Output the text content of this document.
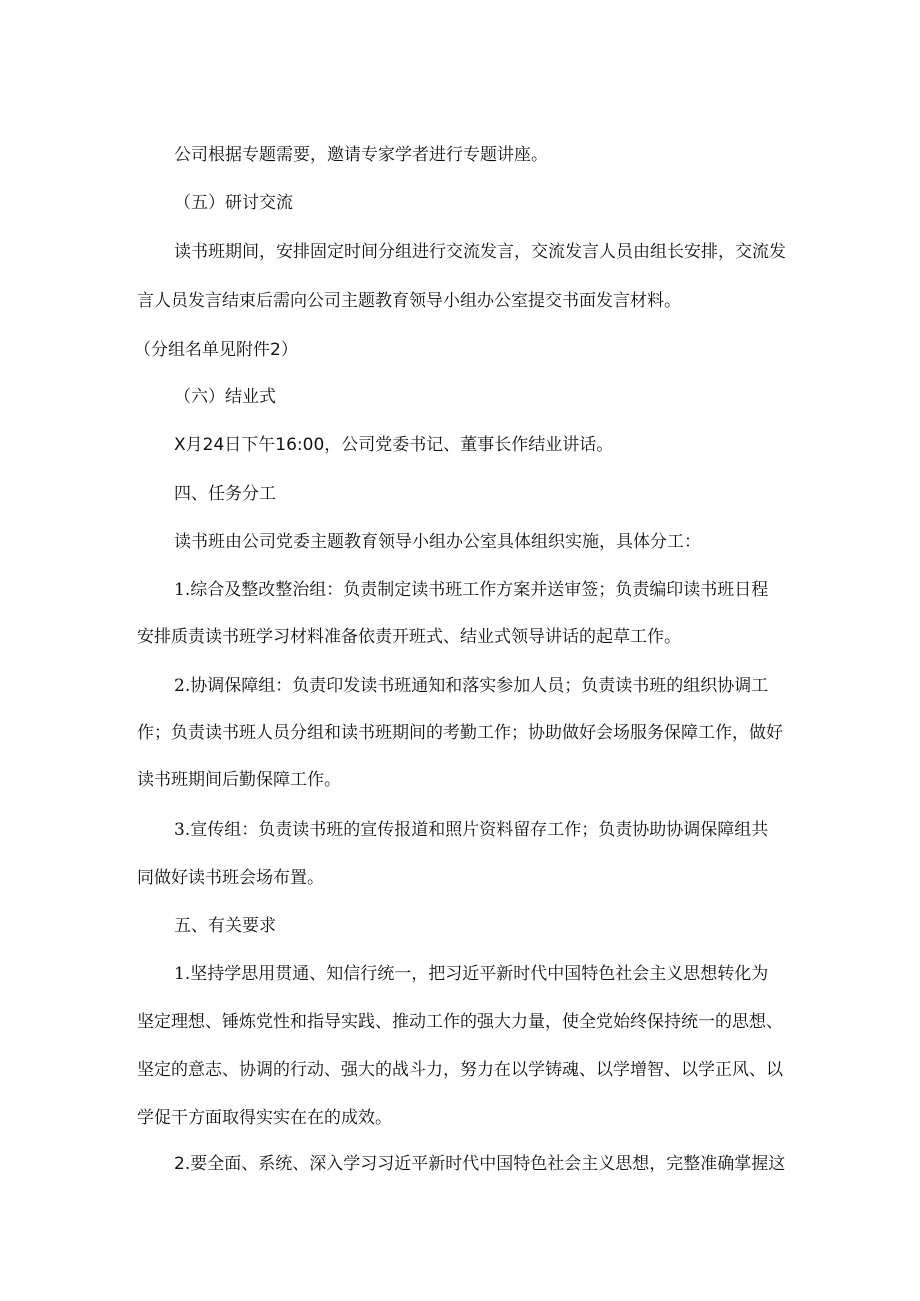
公司根据专题需要，邀请专家学者进行专题讲座。
（五）研讨交流
读书班期间，安排固定时间分组进行交流发言，交流发言人员由组长安排，交流发
言人员发言结束后需向公司主题教育领导小组办公室提交书面发言材料。
（分组名单见附件2）
（六）结业式
X月24日下午16:00，公司党委书记、董事长作结业讲话。
四、任务分工
读书班由公司党委主题教育领导小组办公室具体组织实施，具体分工：
1.综合及整改整治组：负责制定读书班工作方案并送审签；负责编印读书班日程
安排质责读书班学习材料准备依责开班式、结业式领导讲话的起草工作。
2.协调保障组：负责印发读书班通知和落实参加人员；负责读书班的组织协调工
作；负责读书班人员分组和读书班期间的考勤工作；协助做好会场服务保障工作，做好
读书班期间后勤保障工作。
3.宣传组：负责读书班的宣传报道和照片资料留存工作；负责协助协调保障组共
同做好读书班会场布置。
五、有关要求
1.坚持学思用贯通、知信行统一，把习近平新时代中国特色社会主义思想转化为
坚定理想、锤炼党性和指导实践、推动工作的强大力量，使全党始终保持统一的思想、
坚定的意志、协调的行动、强大的战斗力，努力在以学铸魂、以学增智、以学正风、以
学促干方面取得实实在在的成效。
2.要全面、系统、深入学习习近平新时代中国特色社会主义思想，完整准确掌握这
